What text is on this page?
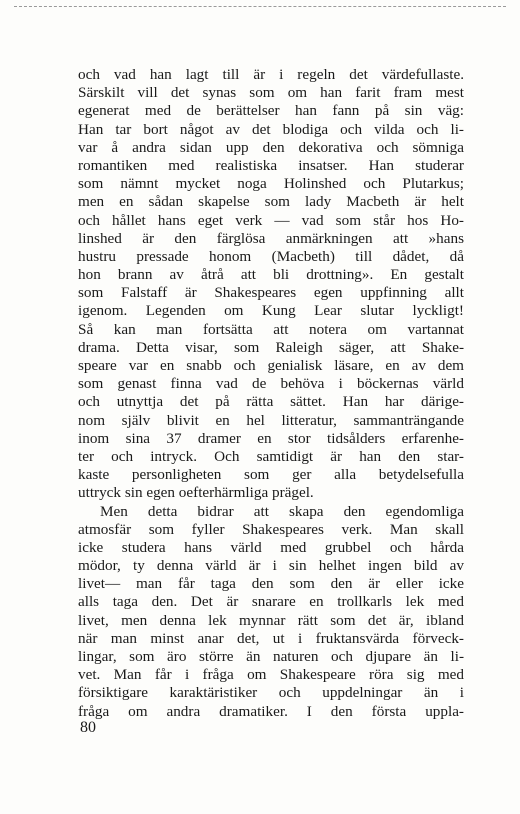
och vad han lagt till är i regeln det värdefullaste.
Särskilt vill det synas som om han farit fram mest
egenerat med de berättelser han fann på sin väg:
Han tar bort något av det blodiga och vilda och li-
var å andra sidan upp den dekorativa och sömniga
romantiken med realistiska insatser. Han studerar
som nämnt mycket noga Holinshed och Plutarkus;
men en sådan skapelse som lady Macbeth är helt
och hållet hans eget verk — vad som står hos Ho-
linshed är den färglösa anmärkningen att »hans
hustru pressade honom (Macbeth) till dådet, då
hon brann av åtrå att bli drottning». En gestalt
som Falstaff är Shakespeares egen uppfinning allt
igenom. Legenden om Kung Lear slutar lyckligt!
Så kan man fortsätta att notera om vartannat
drama. Detta visar, som Raleigh säger, att Shake-
speare var en snabb och genialisk läsare, en av dem
som genast finna vad de behöva i böckernas värld
och utnyttja det på rätta sättet. Han har därige-
nom själv blivit en hel litteratur, sammanträngande
inom sina 37 dramer en stor tidsålders erfarenhe-
ter och intryck. Och samtidigt är han den star-
kaste personligheten som ger alla betydelsefulla
uttryck sin egen oefterhärmliga prägel.
Men detta bidrar att skapa den egendomliga
atmosfär som fyller Shakespeares verk. Man skall
icke studera hans värld med grubbel och hårda
mödor, ty denna värld är i sin helhet ingen bild av
livet— man får taga den som den är eller icke
alls taga den. Det är snarare en trollkarls lek med
livet, men denna lek mynnar rätt som det är, ibland
när man minst anar det, ut i fruktansvärda förveck-
lingar, som äro större än naturen och djupare än li-
vet. Man får i fråga om Shakespeare röra sig med
försiktigare karaktäristiker och uppdelningar än i
fråga om andra dramatiker. I den första uppla-
80
